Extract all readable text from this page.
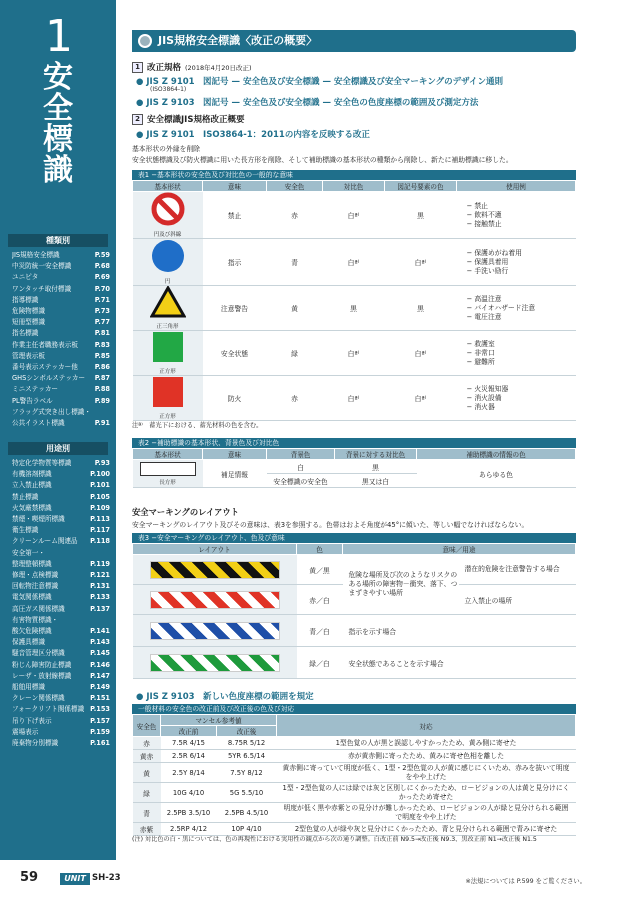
1
安全標識
種類別
JIS規格安全標識	P.59
中災防統一安全標識	P.68
ユニピタ	P.69
ワンタッチ取付標識	P.70
指導標識	P.71
危険物標識	P.73
短冊型標識	P.77
指名標識	P.81
作業主任者職務表示板	P.83
管理表示板	P.85
番号表示ステッカー他	P.86
GHSシンボルステッカー P.87
ミニステッカー	P.88
PL警告ラベル	P.89
フラッグ式突き出し標識・
公共イラスト標識	P.91
用途別
特定化学物質等標識	P.93
有機溶剤標識	P.100
立入禁止標識	P.101
禁止標識	P.105
火気厳禁標識	P.109
禁煙・喫煙所標識	P.113
衛生標識	P.117
クリーンルーム関連品 P.118
安全第一・
整理整頓標識	P.119
修理・点検標識	P.121
回転物注意標識	P.131
電気関係標識	P.133
高圧ガス関係標識	P.137
有害物質標識・
酸欠危険標識	P.141
保護具標識	P.143
騒音管理区分標識	P.145
粉じん障害防止標識	P.146
レーザ・放射線標識	P.147
船舶用標識	P.149
クレーン関係標識	P.151
フォークリフト関係標識 P.153
吊り下げ表示	P.157
震場表示	P.159
廃棄物分別標識	P.161
JIS規格安全標識〈改正の概要〉
1 改正規格 (2018年4月20日改正)
● JIS Z 9101　図記号 — 安全色及び安全標識 — 安全標識及び安全マーキングのデザイン通則
(ISO3864-1)
● JIS Z 9103　図記号 — 安全色及び安全標識 — 安全色の色度座標の範囲及び測定方法
2 安全標識JIS規格改正概要
● JIS Z 9101　ISO3864-1：2011の内容を反映する改正
基本形状の外縁を削除
安全状態標識及び防火標識に用いた長方形を削除、そして補助標識の基本形状の種類から削除し、新たに補助標識に移した。
表1 −基本形状の安全色及び対比色の一般的な意味
基本形状	意味	安全色	対比色	図記号要素の色	使用例

円及び斜線	禁止	赤	白ª⁾	黒	− 禁止
− 飲料不適
− 接触禁止

円	指示	青	白ª⁾	白ª⁾	− 保護めがね着用
− 保護具着用
− 手洗い励行

正三角形	注意警告	黄	黒	黒	− 高温注意
− バイオハザード注意
− 電圧注意

正方形	安全状態	緑	白ª⁾	白ª⁾	− 救護室
− 非常口
− 避難所

正方形	防火	赤	白ª⁾	白ª⁾	− 火災報知器
− 消火設備
− 消火器
注ª⁾　蓄光下における、蓄光材料の色を含む。
表2 −補助標識の基本形状、背景色及び対比色
基本形状	意味	背景色	背景に対する対比色	補助標識の情報の色

長方形	補足情報	白	黒	あらゆる色
		安全標識の安全色	黒又は白	
安全マーキングのレイアウト
安全マーキングのレイアウト及びその意味は、表3を参照する。色帯はおよそ角度が45°に傾いた、等しい幅でなければならない。
表3 −安全マーキングのレイアウト、色及び意味
レイアウト	色	意味／用途	

	黄／黒	危険な場所及び次のようなリスクのある場所の障害物－衝突、落下、つまずきやすい場所	潜在的危険を注意警告する場合

	赤／白		立入禁止の場所

	青／白	指示を示す場合	

	緑／白	安全状態であることを示す場合	
● JIS Z 9103　新しい色度座標の範囲を規定
一般材料の安全色の改正前及び改正後の色及び対応
安全色	マンセル参考値		対応
	改正前	改正後	
赤	7.5R 4/15	8.75R 5/12	1型色覚の人が黒と誤認しやすかったため、黄み側に寄せた
黄赤	2.5R 6/14	5YR 6.5/14	赤が黄赤側に寄ったため、黄みに寄せ色相を離した
黄	2.5Y 8/14	7.5Y 8/12	黄赤側に寄っていて明度が低く、1型・2型色覚の人が黄に感じにくいため、赤みを抜いて明度をやや上げた
緑	10G 4/10	5G 5.5/10	1型・2型色覚の人には緑では灰と区別しにくかったため、ロービジョンの人は黄と見分けにくかったため寄せた
青	2.5PB 3.5/10	2.5PB 4.5/10	明度が低く黒や赤紫との見分けが難しかったため、ロービジョンの人が緑と見分けられる範囲で明度をやや上げた
赤紫	2.5RP 4/12	10P 4/10	2型色覚の人が緑や灰と見分けにくかったため、青と見分けられる範囲で青みに寄せた
(注) 対比色の白・黒については、色の再現性における実用性の観点から次の通り調整。白改正前 N9.5→改正後 N9.3、黒改正前 N1→改正後 N1.5
59	UNIT SH-23	※法規については P.599 をご覧ください。
